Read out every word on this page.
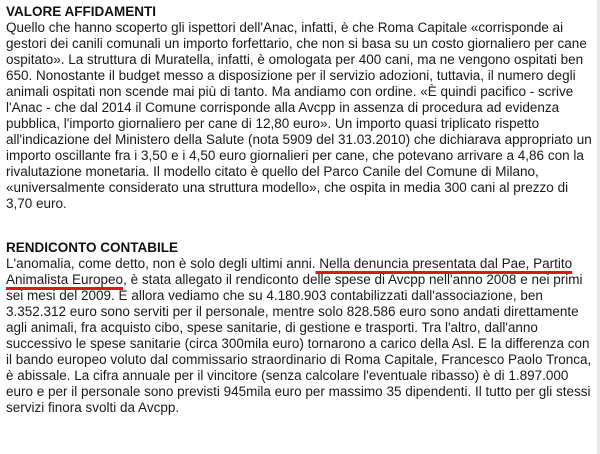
VALORE AFFIDAMENTI

Quello che hanno scoperto gli ispettori dell'Anac, infatti, è che Roma Capitale «corrisponde ai gestori dei canili comunali un importo forfettario, che non si basa su un costo giornaliero per cane ospitato». La struttura di Muratella, infatti, è omologata per 400 cani, ma ne vengono ospitati ben 650. Nonostante il budget messo a disposizione per il servizio adozioni, tuttavia, il numero degli animali ospitati non scende mai più di tanto. Ma andiamo con ordine. «È quindi pacifico - scrive l'Anac - che dal 2014 il Comune corrisponde alla Avcpp in assenza di procedura ad evidenza pubblica, l'importo giornaliero per cane di 12,80 euro». Un importo quasi triplicato rispetto all'indicazione del Ministero della Salute (nota 5909 del 31.03.2010) che dichiarava appropriato un importo oscillante fra i 3,50 e i 4,50 euro giornalieri per cane, che potevano arrivare a 4,86 con la rivalutazione monetaria. Il modello citato è quello del Parco Canile del Comune di Milano, «universalmente considerato una struttura modello», che ospita in media 300 cani al prezzo di 3,70 euro.

RENDICONTO CONTABILE

L'anomalia, come detto, non è solo degli ultimi anni. Nella denuncia presentata dal Pae, Partito Animalista Europeo, è stata allegato il rendiconto delle spese di Avcpp nell'anno 2008 e nei primi sei mesi del 2009. E allora vediamo che su 4.180.903 contabilizzati dall'associazione, ben 3.352.312 euro sono serviti per il personale, mentre solo 828.586 euro sono andati direttamente agli animali, fra acquisto cibo, spese sanitarie, di gestione e trasporti. Tra l'altro, dall'anno successivo le spese sanitarie (circa 300mila euro) tornarono a carico della Asl. E la differenza con il bando europeo voluto dal commissario straordinario di Roma Capitale, Francesco Paolo Tronca, è abissale. La cifra annuale per il vincitore (senza calcolare l'eventuale ribasso) è di 1.897.000 euro e per il personale sono previsti 945mila euro per massimo 35 dipendenti. Il tutto per gli stessi servizi finora svolti da Avcpp.
